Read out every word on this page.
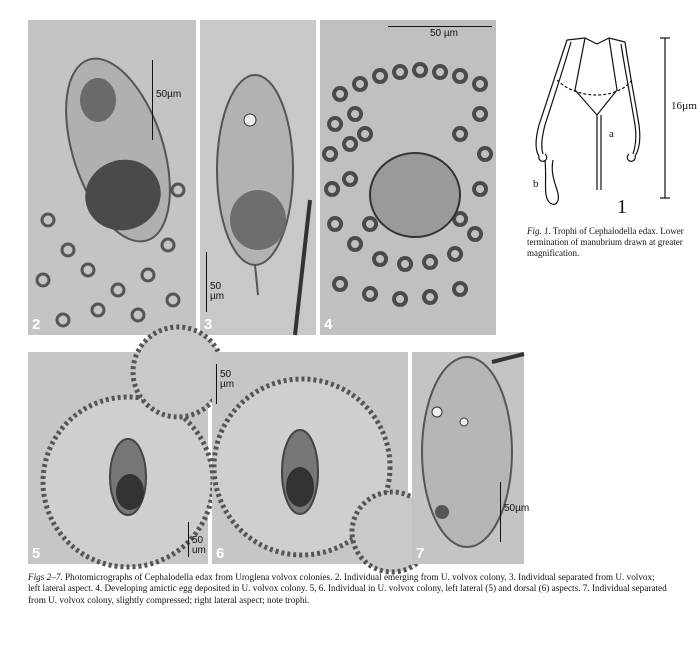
50µm
2
50 µm
3
50 µm
4
50 um
5
50 µm
6
50µm
7
16µm
a
b
1
Fig. 1. Trophi of Cephalodella edax. Lower termination of manubrium drawn at greater magnification.
Figs 2–7. Photomicrographs of Cephalodella edax from Uroglena volvox colonies. 2. Individual emerging from U. volvox colony. 3. Individual separated from U. volvox; left lateral aspect. 4. Developing amictic egg deposited in U. volvox colony. 5, 6. Individual in U. volvox colony, left lateral (5) and dorsal (6) aspects. 7. Individual separated from U. volvox colony, slightly compressed; right lateral aspect; note trophi.
